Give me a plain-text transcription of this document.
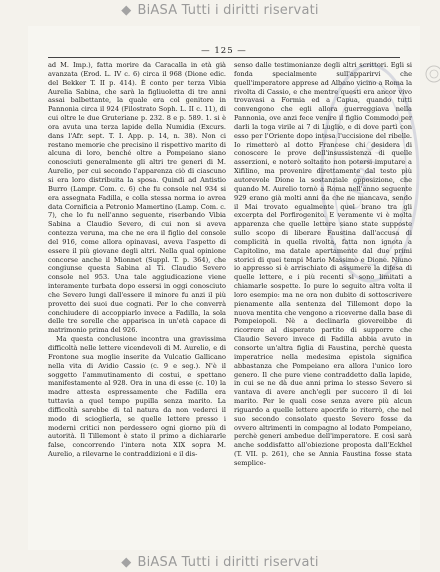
◆ BiASA Tutti i diritti riservati
— 125 —

ad M. Imp.), fatta morire da Caracalla in età già avanzata (Erod. L. IV c. 6) circa il 968 (Dione edic. del Bekker T. II p. 414). È conto per terza Vibia Aurelia Sabina, che sarà la figliuoletta di tre anni assai balbettante, la quale era col genitore in Pannonia circa il 924 (Filostrato Soph. L. II c. 11), di cui oltre le due Gruteriane p. 232. 8 e p. 589. 1. si è ora avuta una terza lapide della Numidia (Excurs. dans l'Afr. sept. T. I. App. p. 14, n. 38). Non ci restano memorie che precisino il rispettivo marito di alcuna di loro, benché oltre a Pompeiano siano conosciuti generalmente gli altri tre generi di M. Aurelio, per cui secondo l'apparenza ciò di ciascuno si era loro distribuita la sposa. Quindi ad Antistio Burro (Lampr. Com. c. 6) che fu console nel 934 si era assegnata Fadilla, e colla stessa norma io avrea data Cornificia a Petronio Mamertino (Lamp. Com. c. 7), che lo fu nell'anno seguente, riserbando Vibia Sabina a Claudio Severo, di cui non si aveva contezza veruna, ma che ne era il figlio del console del 916, come allora opinavasi, aveva l'aspetto di essere il più giovane degli altri. Nella qual opinione concorse anche il Mionnet (Suppl. T. p. 364), che congiunse questa Sabina al Ti. Claudio Severo console nel 953. Una tale aggiudicazione viene interamente turbata dopo essersi in oggi conosciuto che Severo lungi dall'essere il minore fu anzi il più provetto dei suoi due cognati. Per lo che converrà conchiudere di accoppiarlo invece a Fadilla, la sola delle tre sorelle che apparisca in un'età capace di matrimonio prima del 926.

Ma questa conclusione incontra una gravissima difficoltà nelle lettere vicendevoli di M. Aurelio, e di Frontone sua moglie inserite da Vulcatio Gallicano nella vita di Avidio Cassio (c. 9 e seg.). N'è il soggetto l'ammutinamento di costui, e spettano manifestamente al 928. Ora in una di esse (c. 10) la madre attesta espressamente che Fadilla era tuttavia a quel tempo pupilla senza marito. La difficoltà sarebbe di tal natura da non vederci il modo di scioglierla, se quelle lettere presso i moderni critici non perdessero ogni giorno più di autorità. Il Tillemont è stato il primo a dichiararle false, concorrendo l'intera nota XIX sopra M. Aurelio, a rilevarne le contraddizioni e il dis-

senso dalle testimonianze degli altri scrittori. Egli si fonda specialmente sull'apparirvi che quell'imperatore apprese ad Albano vicino a Roma la rivolta di Cassio, e che mentre questi era ancor vivo trovavasi a Formia ed a Capua, quando tutti convengono che egli allora guerreggiava nella Pannonia, ove anzi fece venire il figlio Commodo per darli la toga virile ai 7 di Luglio, e di dove partì con esso per l'Oriente dopo intesa l'uccisione del ribelle. Io rimetterò al dotto Francese chi desidera di conoscere le prove dell'insussistenza di quelle asserzioni, e noterò soltanto non potersi imputare a Xifilino, ma provenire direttamente dal testo più autorevole Dione la sostanziale opposizione, che quando M. Aurelio tornò a Roma nell'anno seguente 929 erano già molti anni da che ne mancava, sendo il Mai trovato egualmente quel brano tra gli excerpta del Porfirogenito. E veramente vi è molta apparenza che quelle lettere siano state supposte sullo scopo di liberare Faustina dall'accusa di complicità in quella rivolta, fatta non ignota a Capitolino, ma datale apertamente dal due primi storici di quei tempi Mario Massimo e Dione. Niuno io appresso si è arrischiato di assumere la difesa di quelle lettere, e i più recenti si sono limitati a chiamarle sospette. Io pure lo seguito altra volta il loro esempio: ma ne ora non dubito di sottoscrivere pienamente alla sentenza del Tillemont dopo la nuova mentita che vengono a riceverne dalla base di Pompeiopoli. Nè a declinarla giovereibbe di ricorrere al disperato partito di supporre che Claudio Severo invece di Fadilla abbia avuto in consorte un'altra figlia di Faustina, perchè questa imperatrice nella medesima epistola significa abbastanza che Pompeiano era allora l'unico loro genero. Il che pure viene contraddetto dalla lapide, in cui se ne dà due anni prima lo stesso Severo si vantava di avere anch'egli per succero il di lei marito. Per le quali cose senza avere più alcun riguardo a quelle lettere apocrife io riterrò, che nel suo secondo consolato questo Severo fosse da ovvero altrimenti in compagno al lodato Pompeiano, perchè generi ambedue dell'imperatore. E così sarà anche soddisfatto all'obiezione proposta dall'Eckhel (T. VII. p. 261), che se Annia Faustina fosse stata semplice-

CHRYS
◆ BiASA Tutti i diritti riservati
